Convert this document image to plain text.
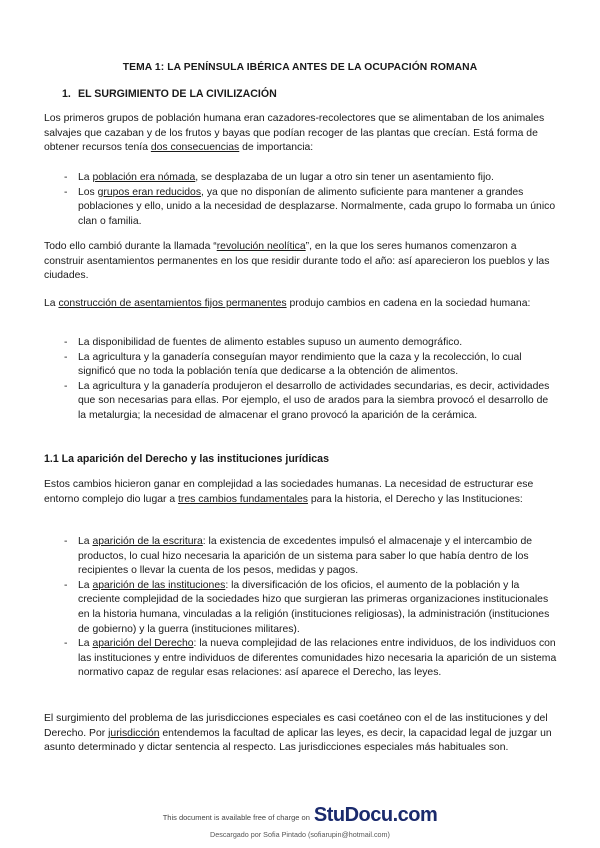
TEMA 1: LA PENÍNSULA IBÉRICA ANTES DE LA OCUPACIÓN ROMANA
1. EL SURGIMIENTO DE LA CIVILIZACIÓN

Los primeros grupos de población humana eran cazadores-recolectores que se alimentaban de los animales salvajes que cazaban y de los frutos y bayas que podían recoger de las plantas que crecían. Está forma de obtener recursos tenía dos consecuencias de importancia:

- La población era nómada, se desplazaba de un lugar a otro sin tener un asentamiento fijo.
- Los grupos eran reducidos, ya que no disponían de alimento suficiente para mantener a grandes poblaciones y ello, unido a la necesidad de desplazarse. Normalmente, cada grupo lo formaba un único clan o familia.

Todo ello cambió durante la llamada “revolución neolítica”, en la que los seres humanos comenzaron a construir asentamientos permanentes en los que residir durante todo el año: así aparecieron los pueblos y las ciudades.

La construcción de asentamientos fijos permanentes produjo cambios en cadena en la sociedad humana:

- La disponibilidad de fuentes de alimento estables supuso un aumento demográfico.
- La agricultura y la ganadería conseguían mayor rendimiento que la caza y la recolección, lo cual significó que no toda la población tenía que dedicarse a la obtención de alimentos.
- La agricultura y la ganadería produjeron el desarrollo de actividades secundarias, es decir, actividades que son necesarias para ellas. Por ejemplo, el uso de arados para la siembra provocó el desarrollo de la metalurgia; la necesidad de almacenar el grano provocó la aparición de la cerámica.
1.1 La aparición del Derecho y las instituciones jurídicas

Estos cambios hicieron ganar en complejidad a las sociedades humanas. La necesidad de estructurar ese entorno complejo dio lugar a tres cambios fundamentales para la historia, el Derecho y las Instituciones:

- La aparición de la escritura: la existencia de excedentes impulsó el almacenaje y el intercambio de productos, lo cual hizo necesaria la aparición de un sistema para saber lo que había dentro de los recipientes o llevar la cuenta de los pesos, medidas y pagos.
- La aparición de las instituciones: la diversificación de los oficios, el aumento de la población y la creciente complejidad de la sociedades hizo que surgieran las primeras organizaciones institucionales en la historia humana, vinculadas a la religión (instituciones religiosas), la administración (instituciones de gobierno) y la guerra (instituciones militares).
- La aparición del Derecho: la nueva complejidad de las relaciones entre individuos, de los individuos con las instituciones y entre individuos de diferentes comunidades hizo necesaria la aparición de un sistema normativo capaz de regular esas relaciones: así aparece el Derecho, las leyes.

El surgimiento del problema de las jurisdicciones especiales es casi coetáneo con el de las instituciones y del Derecho. Por jurisdicción entendemos la facultad de aplicar las leyes, es decir, la capacidad legal de juzgar un asunto determinado y dictar sentencia al respecto. Las jurisdicciones especiales más habituales son.

This document is available free of charge on StuDocu.com
Descargado por Sofia Pintado (sofiarupin@hotmail.com)
